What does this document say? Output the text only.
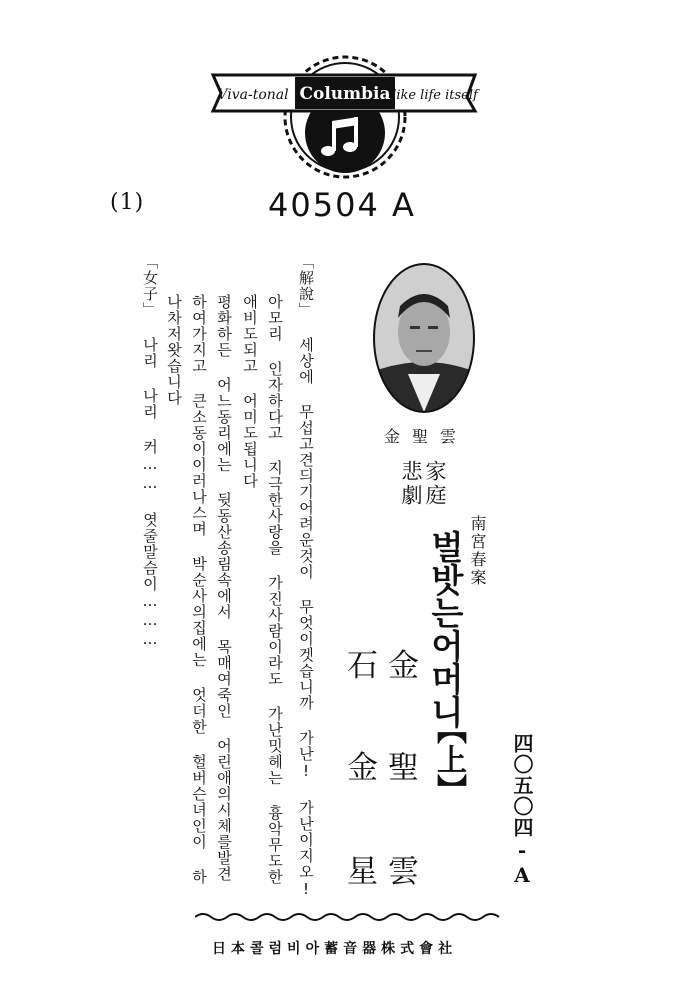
Viva-tonal Columbia like life itself
(1)	40504 A
金聖雲
悲劇 家庭
南宮春案
벌밧는어머니
【上】
金
聖
雲
石
金
星	四〇五〇四-A
「解說」 세상에 무섭고견듸기어려운것이 무엇이겟습니까 가난! 가난이지오!
아모리 인자하다고 지극한사랑을 가진사람이라도 가난밋헤는 흉악무도한
애비도되고 어미도됩니다
평화하든 어느동리에는 뒷동산송림속에서 목매여죽인 어린애의시체를발견
하여가지고 큰소동이이러나스며 박순사의집에는 엇더한 헐버슨녀인이 하
나차저왓습니다
「女子」 나리 나리 커…… 엿줄말슴이………
日本콜럼비아蓄音器株式會社
